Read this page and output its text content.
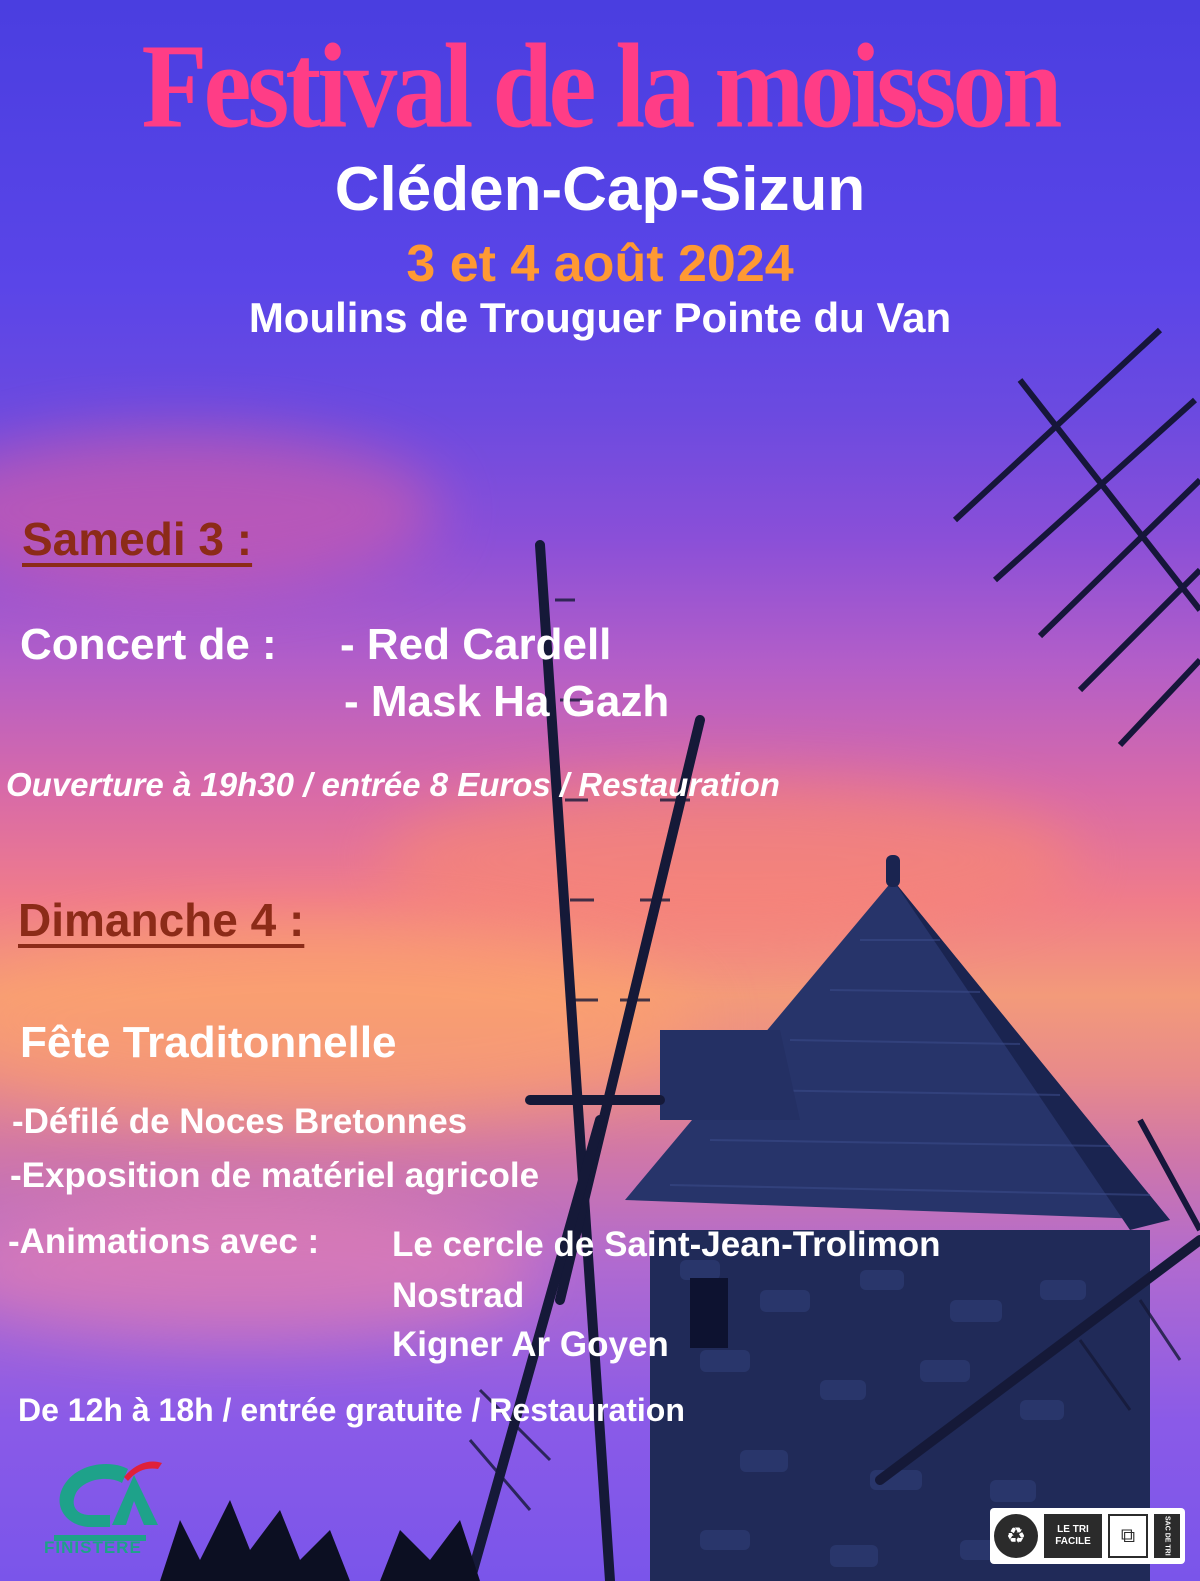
Festival de la moisson
Cléden-Cap-Sizun
3 et 4 août 2024
Moulins de Trouguer Pointe du Van
Samedi 3 :
Concert de : - Red Cardell
- Mask Ha Gazh
Ouverture à 19h30 / entrée 8 Euros / Restauration
Dimanche 4 :
Fête Traditonnelle
-Défilé de Noces Bretonnes
-Exposition de matériel agricole
-Animations avec : Le cercle de Saint-Jean-Trolimon
Nostrad
Kigner Ar Goyen
De 12h à 18h / entrée gratuite / Restauration
FINISTÈRE	♻	LE TRI
FACILE	⧉	SAC DE TRI
